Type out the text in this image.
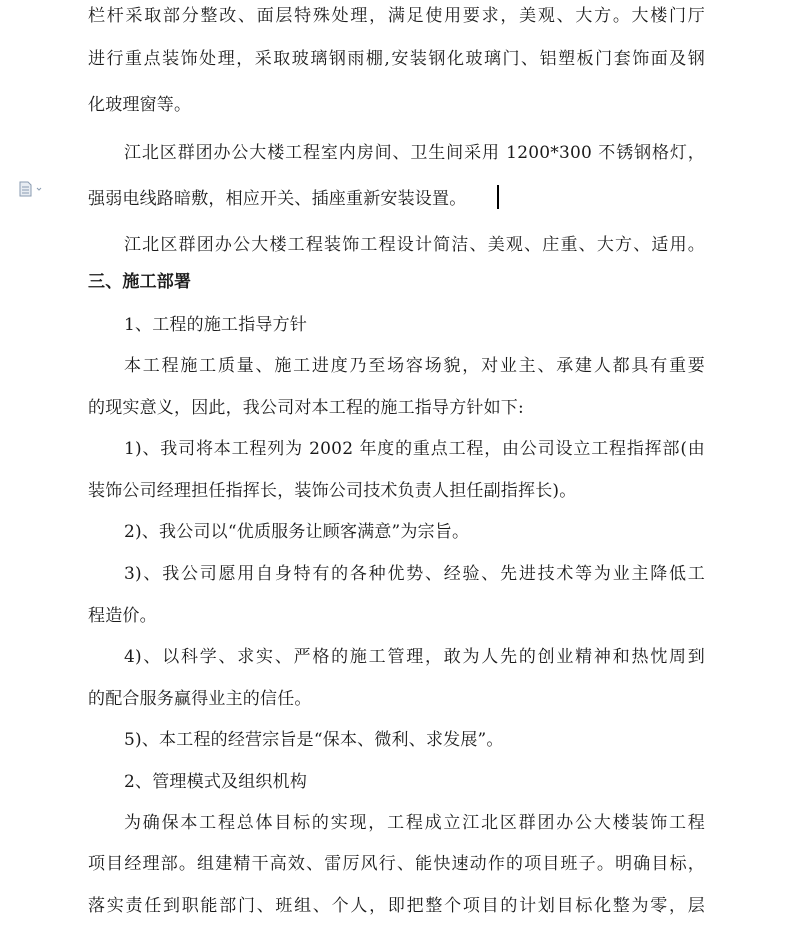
栏杆采取部分整改、面层特殊处理，满足使用要求，美观、大方。大楼门厅
进行重点装饰处理，采取玻璃钢雨棚,安装钢化玻璃门、铝塑板门套饰面及钢
化玻理窗等。
江北区群团办公大楼工程室内房间、卫生间采用 1200*300 不锈钢格灯，
强弱电线路暗敷，相应开关、插座重新安装设置。
江北区群团办公大楼工程装饰工程设计简洁、美观、庄重、大方、适用。
三、施工部署
1、工程的施工指导方针
本工程施工质量、施工进度乃至场容场貌，对业主、承建人都具有重要
的现实意义，因此，我公司对本工程的施工指导方针如下:
1)、我司将本工程列为 2002 年度的重点工程，由公司设立工程指挥部(由
装饰公司经理担任指挥长，装饰公司技术负责人担任副指挥长)。
2)、我公司以“优质服务让顾客满意”为宗旨。
3)、我公司愿用自身特有的各种优势、经验、先进技术等为业主降低工
程造价。
4)、以科学、求实、严格的施工管理，敢为人先的创业精神和热忱周到
的配合服务赢得业主的信任。
5)、本工程的经营宗旨是“保本、微利、求发展”。
2、管理模式及组织机构
为确保本工程总体目标的实现，工程成立江北区群团办公大楼装饰工程
项目经理部。组建精干高效、雷厉风行、能快速动作的项目班子。明确目标，
落实责任到职能部门、班组、个人，即把整个项目的计划目标化整为零，层
